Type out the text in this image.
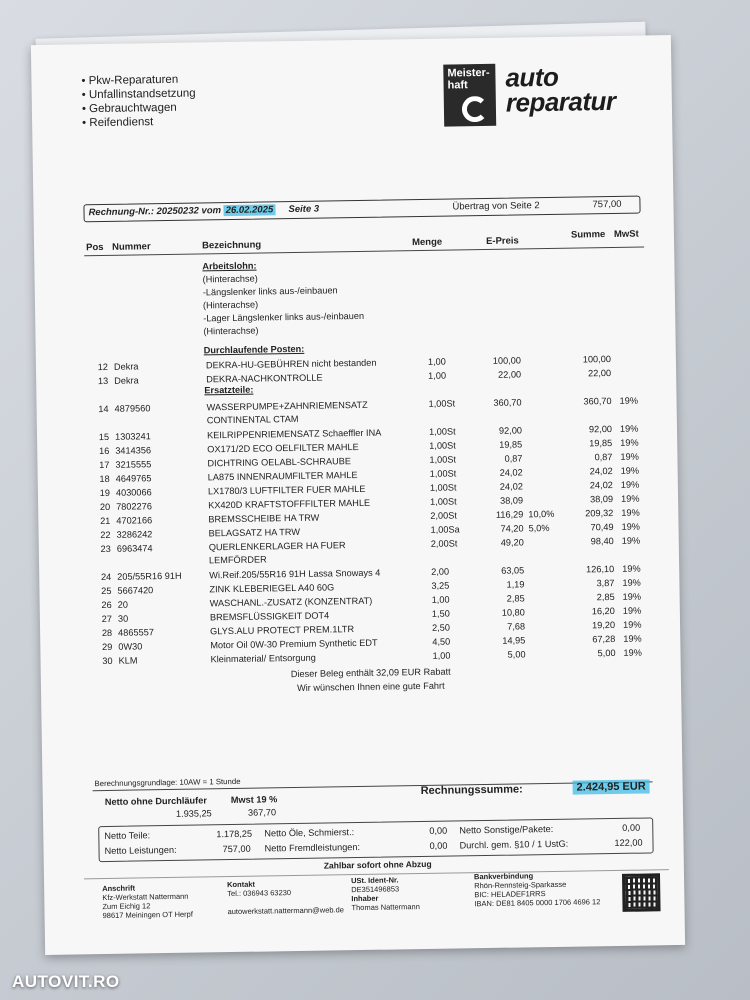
• Pkw-Reparaturen
• Unfallinstandsetzung
• Gebrauchtwagen
• Reifendienst
Meister-
haft	auto
reparatur
Rechnung-Nr.: 20250232 vom 26.02.2025 Seite 3	Übertrag von Seite 2	757,00
Pos Nummer	Bezeichnung	Menge	E-Preis
Summe MwSt
Arbeitslohn:
(Hinterachse)
-Längslenker links aus-/einbauen
(Hinterachse)
-Lager Längslenker links aus-/einbauen
(Hinterachse)
Durchlaufende Posten:
Ersatzteile:
12 Dekra	DEKRA-HU-GEBÜHREN nicht bestanden	1,00	100,00	100,00
13 Dekra	DEKRA-NACHKONTROLLE	1,00	22,00	22,00
14 4879560	WASSERPUMPE+ZAHNRIEMENSATZ	1,00St	360,70	360,70 19%
CONTINENTAL CTAM
15 1303241	KEILRIPPENRIEMENSATZ Schaeffler INA	1,00St	92,00	92,00 19%
16 3414356	OX171/2D ECO OELFILTER MAHLE	1,00St	19,85	19,85 19%
17 3215555	DICHTRING OELABL-SCHRAUBE	1,00St	0,87	0,87 19%
18 4649765	LA875 INNENRAUMFILTER MAHLE	1,00St	24,02	24,02 19%
19 4030066	LX1780/3 LUFTFILTER FUER MAHLE	1,00St	24,02	24,02 19%
20 7802276	KX420D KRAFTSTOFFFILTER MAHLE	1,00St	38,09	38,09 19%
21 4702166	BREMSSCHEIBE HA TRW	2,00St	116,29 10,0%	209,32 19%
22 3286242	BELAGSATZ HA TRW	1,00Sa	74,20 5,0%	70,49 19%
23 6963474	QUERLENKERLAGER HA FUER	2,00St	49,20	98,40 19%
LEMFÖRDER
24 205/55R16 91H	Wi.Reif.205/55R16 91H Lassa Snoways 4	2,00	63,05	126,10 19%
25 5667420	ZINK KLEBERIEGEL A40 60G	3,25	1,19	3,87 19%
26 20	WASCHANL.-ZUSATZ (KONZENTRAT)	1,00	2,85	2,85 19%
27 30	BREMSFLÜSSIGKEIT DOT4	1,50	10,80	16,20 19%
28 4865557	GLYS.ALU PROTECT PREM.1LTR	2,50	7,68	19,20 19%
29 0W30	Motor Oil 0W-30 Premium Synthetic EDT	4,50	14,95	67,28 19%
30 KLM	Kleinmaterial/ Entsorgung	1,00	5,00	5,00 19%
Dieser Beleg enthält 32,09 EUR Rabatt
Wir wünschen Ihnen eine gute Fahrt
Berechnungsgrundlage: 10AW = 1 Stunde
Netto ohne Durchläufer
1.935,25
Mwst 19 %
367,70
Rechnungssumme:	2.424,95 EUR
Netto Teile:	1.178,25 Netto Öle, Schmierst.:	0,00 Netto Sonstige/Pakete:	0,00
Netto Leistungen:	757,00 Netto Fremdleistungen:	0,00 Durchl. gem. §10 / 1 UstG:	122,00
Zahlbar sofort ohne Abzug
Anschrift
Kfz-Werkstatt Nattermann
Zum Eichig 12
98617 Meiningen OT Herpf
Kontakt
Tel.: 036943 63230

autowerkstatt.nattermann@web.de
USt. Ident-Nr.
DE351496853
Inhaber
Thomas Nattermann
Bankverbindung
Rhön-Rennsteig-Sparkasse
BIC: HELADEF1RRS
IBAN: DE81 8405 0000 1706 4696 12
AUTOVIT.RO
